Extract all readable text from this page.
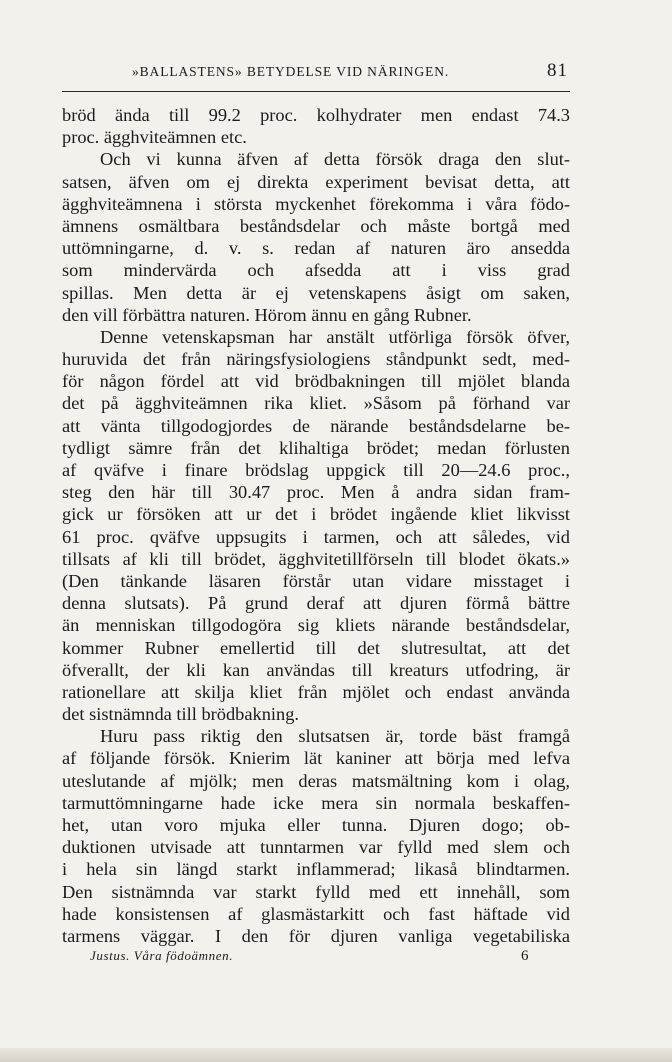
»BALLASTENS» BETYDELSE VID NÄRINGEN.	81
bröd ända till 99.2 proc. kolhydrater men endast 74.3
proc. ägghviteämnen etc.
Och vi kunna äfven af detta försök draga den slut-
satsen, äfven om ej direkta experiment bevisat detta, att
ägghviteämnena i största myckenhet förekomma i våra födo-
ämnens osmältbara beståndsdelar och måste bortgå med
uttömningarne, d. v. s. redan af naturen äro ansedda
som mindervärda och afsedda att i viss grad
spillas. Men detta är ej vetenskapens åsigt om saken,
den vill förbättra naturen. Hörom ännu en gång Rubner.
Denne vetenskapsman har anstält utförliga försök öfver,
huruvida det från näringsfysiologiens ståndpunkt sedt, med-
för någon fördel att vid brödbakningen till mjölet blanda
det på ägghviteämnen rika kliet. »Såsom på förhand var
att vänta tillgodogjordes de närande beståndsdelarne be-
tydligt sämre från det klihaltiga brödet; medan förlusten
af qväfve i finare brödslag uppgick till 20—24.6 proc.,
steg den här till 30.47 proc. Men å andra sidan fram-
gick ur försöken att ur det i brödet ingående kliet likvisst
61 proc. qväfve uppsugits i tarmen, och att således, vid
tillsats af kli till brödet, ägghvitetillförseln till blodet ökats.»
(Den tänkande läsaren förstår utan vidare misstaget i
denna slutsats). På grund deraf att djuren förmå bättre
än menniskan tillgodogöra sig kliets närande beståndsdelar,
kommer Rubner emellertid till det slutresultat, att det
öfverallt, der kli kan användas till kreaturs utfodring, är
rationellare att skilja kliet från mjölet och endast använda
det sistnämnda till brödbakning.
Huru pass riktig den slutsatsen är, torde bäst framgå
af följande försök. Knierim lät kaniner att börja med lefva
uteslutande af mjölk; men deras matsmältning kom i olag,
tarmuttömningarne hade icke mera sin normala beskaffen-
het, utan voro mjuka eller tunna. Djuren dogo; ob-
duktionen utvisade att tunntarmen var fylld med slem och
i hela sin längd starkt inflammerad; likaså blindtarmen.
Den sistnämnda var starkt fylld med ett innehåll, som
hade konsistensen af glasmästarkitt och fast häftade vid
tarmens väggar. I den för djuren vanliga vegetabiliska
Justus. Våra födoämnen.	6
